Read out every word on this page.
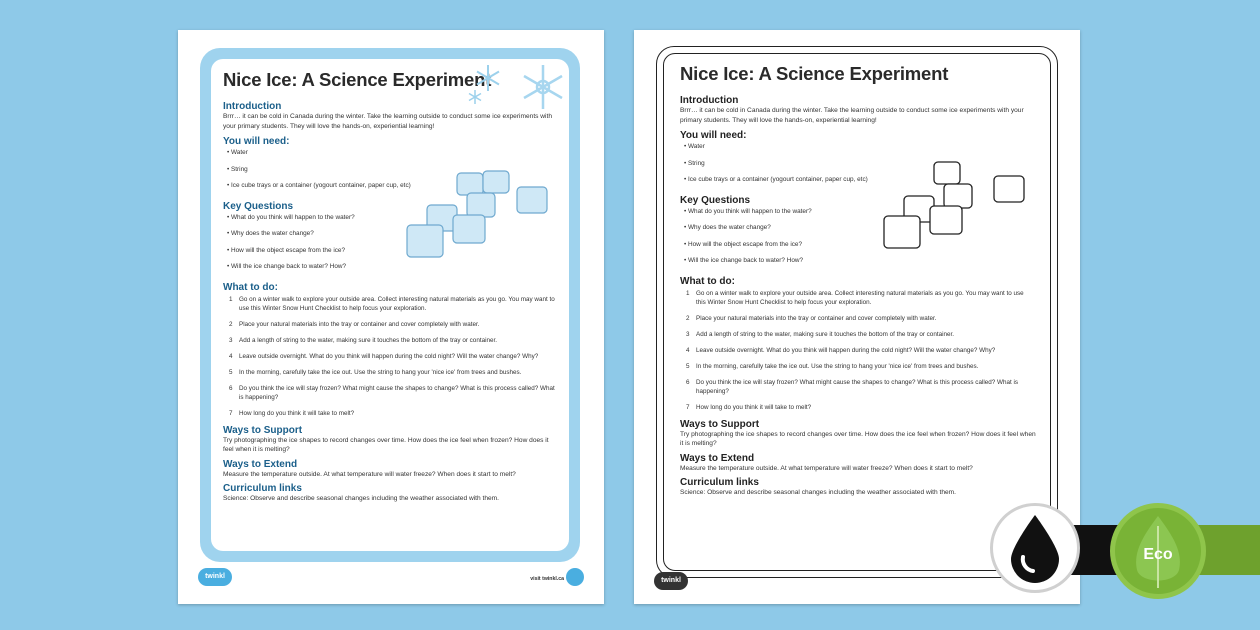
Nice Ice: A Science Experiment
Introduction
Brrr… it can be cold in Canada during the winter. Take the learning outside to conduct some ice experiments with your primary students. They will love the hands-on, experiential learning!
You will need:
• Water
• String
• Ice cube trays or a container (yogourt container, paper cup, etc)
Key Questions
• What do you think will happen to the water?
• Why does the water change?
• How will the object escape from the ice?
• Will the ice change back to water? How?
What to do:
1	Go on a winter walk to explore your outside area. Collect interesting natural materials as you go. You may want to use this Winter Snow Hunt Checklist to help focus your exploration.
2	Place your natural materials into the tray or container and cover completely with water.
3	Add a length of string to the water, making sure it touches the bottom of the tray or container.
4	Leave outside overnight. What do you think will happen during the cold night? Will the water change? Why?
5	In the morning, carefully take the ice out. Use the string to hang your 'nice ice' from trees and bushes.
6	Do you think the ice will stay frozen? What might cause the shapes to change? What is this process called? What is happening?
7	How long do you think it will take to melt?
Ways to Support
Try photographing the ice shapes to record changes over time. How does the ice feel when frozen? How does it feel when it is melting?
Ways to Extend
Measure the temperature outside. At what temperature will water freeze? When does it start to melt?
Curriculum links
Science: Observe and describe seasonal changes including the weather associated with them.
twinkl	visit twinkl.ca
Nice Ice: A Science Experiment
Introduction
Brrr… it can be cold in Canada during the winter. Take the learning outside to conduct some ice experiments with your primary students. They will love the hands-on, experiential learning!
You will need:
• Water
• String
• Ice cube trays or a container (yogourt container, paper cup, etc)
Key Questions
• What do you think will happen to the water?
• Why does the water change?
• How will the object escape from the ice?
• Will the ice change back to water? How?
What to do:
1	Go on a winter walk to explore your outside area. Collect interesting natural materials as you go. You may want to use this Winter Snow Hunt Checklist to help focus your exploration.
2	Place your natural materials into the tray or container and cover completely with water.
3	Add a length of string to the water, making sure it touches the bottom of the tray or container.
4	Leave outside overnight. What do you think will happen during the cold night? Will the water change? Why?
5	In the morning, carefully take the ice out. Use the string to hang your 'nice ice' from trees and bushes.
6	Do you think the ice will stay frozen? What might cause the shapes to change? What is this process called? What is happening?
7	How long do you think it will take to melt?
Ways to Support
Try photographing the ice shapes to record changes over time. How does the ice feel when frozen? How does it feel when it is melting?
Ways to Extend
Measure the temperature outside. At what temperature will water freeze? When does it start to melt?
Curriculum links
Science: Observe and describe seasonal changes including the weather associated with them.
twinkl
Eco
